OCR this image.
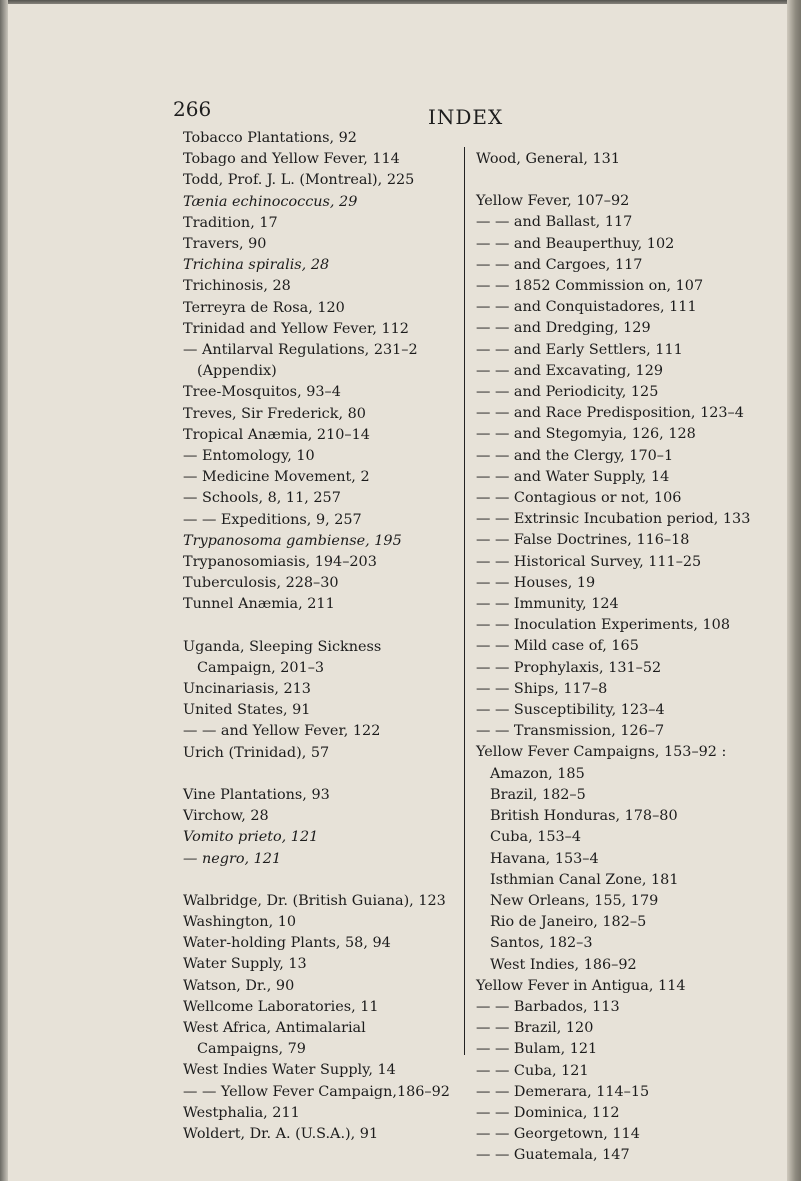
266	INDEX
Tobacco Plantations, 92
Tobago and Yellow Fever, 114
Todd, Prof. J. L. (Montreal), 225
Tænia echinococcus, 29
Tradition, 17
Travers, 90
Trichina spiralis, 28
Trichinosis, 28
Terreyra de Rosa, 120
Trinidad and Yellow Fever, 112
— Antilarval Regulations, 231–2 (Appendix)
Tree-Mosquitos, 93–4
Treves, Sir Frederick, 80
Tropical Anæmia, 210–14
— Entomology, 10
— Medicine Movement, 2
— Schools, 8, 11, 257
— — Expeditions, 9, 257
Trypanosoma gambiense, 195
Trypanosomiasis, 194–203
Tuberculosis, 228–30
Tunnel Anæmia, 211
Uganda, Sleeping Sickness Campaign, 201–3
Uncinariasis, 213
United States, 91
— — and Yellow Fever, 122
Urich (Trinidad), 57
Vine Plantations, 93
Virchow, 28
Vomito prieto, 121
— negro, 121
Walbridge, Dr. (British Guiana), 123
Washington, 10
Water-holding Plants, 58, 94
Water Supply, 13
Watson, Dr., 90
Wellcome Laboratories, 11
West Africa, Antimalarial Campaigns, 79
West Indies Water Supply, 14
— — Yellow Fever Campaign,186–92
Westphalia, 211
Woldert, Dr. A. (U.S.A.), 91
Wood, General, 131
Yellow Fever, 107–92
— — and Ballast, 117
— — and Beauperthuy, 102
— — and Cargoes, 117
— — 1852 Commission on, 107
— — and Conquistadores, 111
— — and Dredging, 129
— — and Early Settlers, 111
— — and Excavating, 129
— — and Periodicity, 125
— — and Race Predisposition, 123–4
— — and Stegomyia, 126, 128
— — and the Clergy, 170–1
— — and Water Supply, 14
— — Contagious or not, 106
— — Extrinsic Incubation period, 133
— — False Doctrines, 116–18
— — Historical Survey, 111–25
— — Houses, 19
— — Immunity, 124
— — Inoculation Experiments, 108
— — Mild case of, 165
— — Prophylaxis, 131–52
— — Ships, 117–8
— — Susceptibility, 123–4
— — Transmission, 126–7
Yellow Fever Campaigns, 153–92 :
Amazon, 185
Brazil, 182–5
British Honduras, 178–80
Cuba, 153–4
Havana, 153–4
Isthmian Canal Zone, 181
New Orleans, 155, 179
Rio de Janeiro, 182–5
Santos, 182–3
West Indies, 186–92
Yellow Fever in Antigua, 114
— — Barbados, 113
— — Brazil, 120
— — Bulam, 121
— — Cuba, 121
— — Demerara, 114–15
— — Dominica, 112
— — Georgetown, 114
— — Guatemala, 147
